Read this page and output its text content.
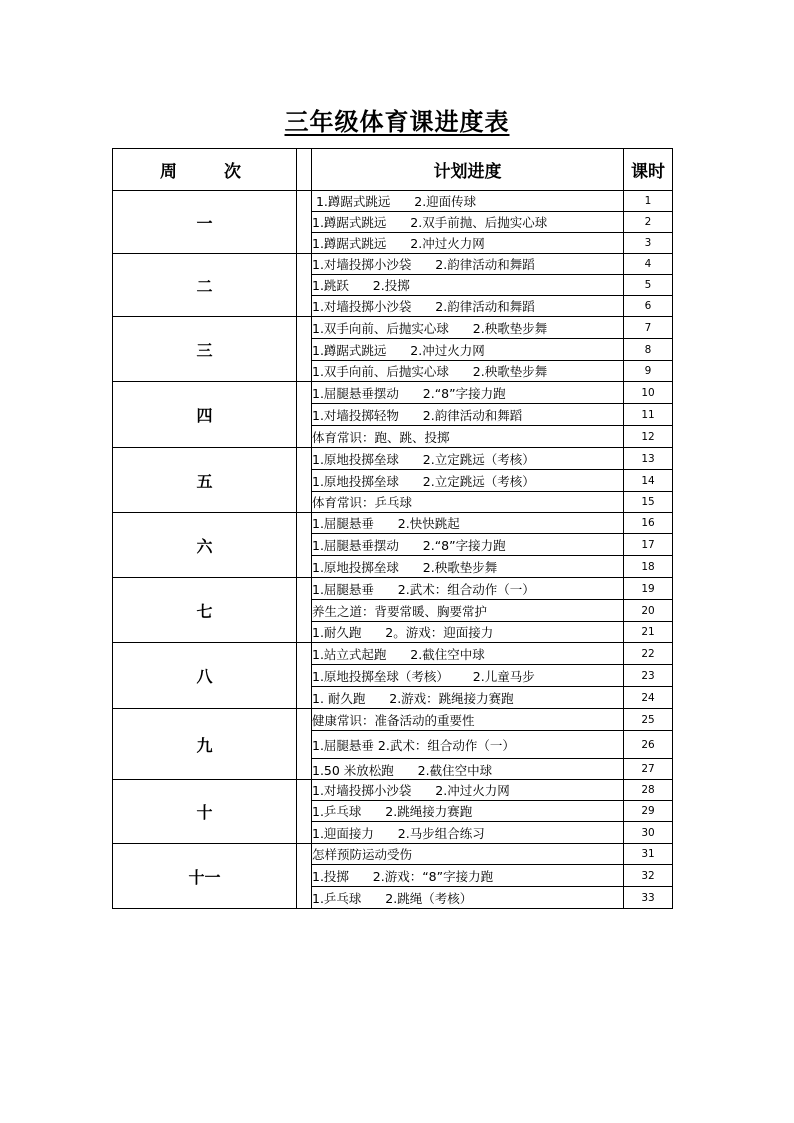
三年级体育课进度表
周　 次		计划进度	课时
一		1.蹲踞式跳远      2.迎面传球	1
		1.蹲踞式跳远      2.双手前抛、后抛实心球	2
		1.蹲踞式跳远      2.冲过火力网	3
二		1.对墙投掷小沙袋      2.韵律活动和舞蹈	4
		1.跳跃      2.投掷	5
		1.对墙投掷小沙袋      2.韵律活动和舞蹈	6
三		1.双手向前、后抛实心球      2.秧歌垫步舞	7
		1.蹲踞式跳远      2.冲过火力网	8
		1.双手向前、后抛实心球      2.秧歌垫步舞	9
四		1.屈腿悬垂摆动      2.“8”字接力跑	10
		1.对墙投掷轻物      2.韵律活动和舞蹈	11
		体育常识：跑、跳、投掷	12
五		1.原地投掷垒球      2.立定跳远（考核）	13
		1.原地投掷垒球      2.立定跳远（考核）	14
		体育常识：乒乓球	15
六		1.屈腿悬垂      2.快快跳起	16
		1.屈腿悬垂摆动      2.“8”字接力跑	17
		1.原地投掷垒球      2.秧歌垫步舞	18
七		1.屈腿悬垂      2.武术：组合动作（一）	19
		养生之道：背要常暖、胸要常护	20
		1.耐久跑      2。游戏：迎面接力	21
八		1.站立式起跑      2.截住空中球	22
		1.原地投掷垒球（考核）      2.儿童马步	23
		1. 耐久跑      2.游戏：跳绳接力赛跑	24
九		健康常识：准备活动的重要性	25
		1.屈腿悬垂 2.武术：组合动作（一）	26
		1.50 米放松跑      2.截住空中球	27
十		1.对墙投掷小沙袋      2.冲过火力网	28
		1.乒乓球      2.跳绳接力赛跑	29
		1.迎面接力      2.马步组合练习	30
十一		怎样预防运动受伤	31
		1.投掷      2.游戏：“8”字接力跑	32
		1.乒乓球      2.跳绳（考核）	33
